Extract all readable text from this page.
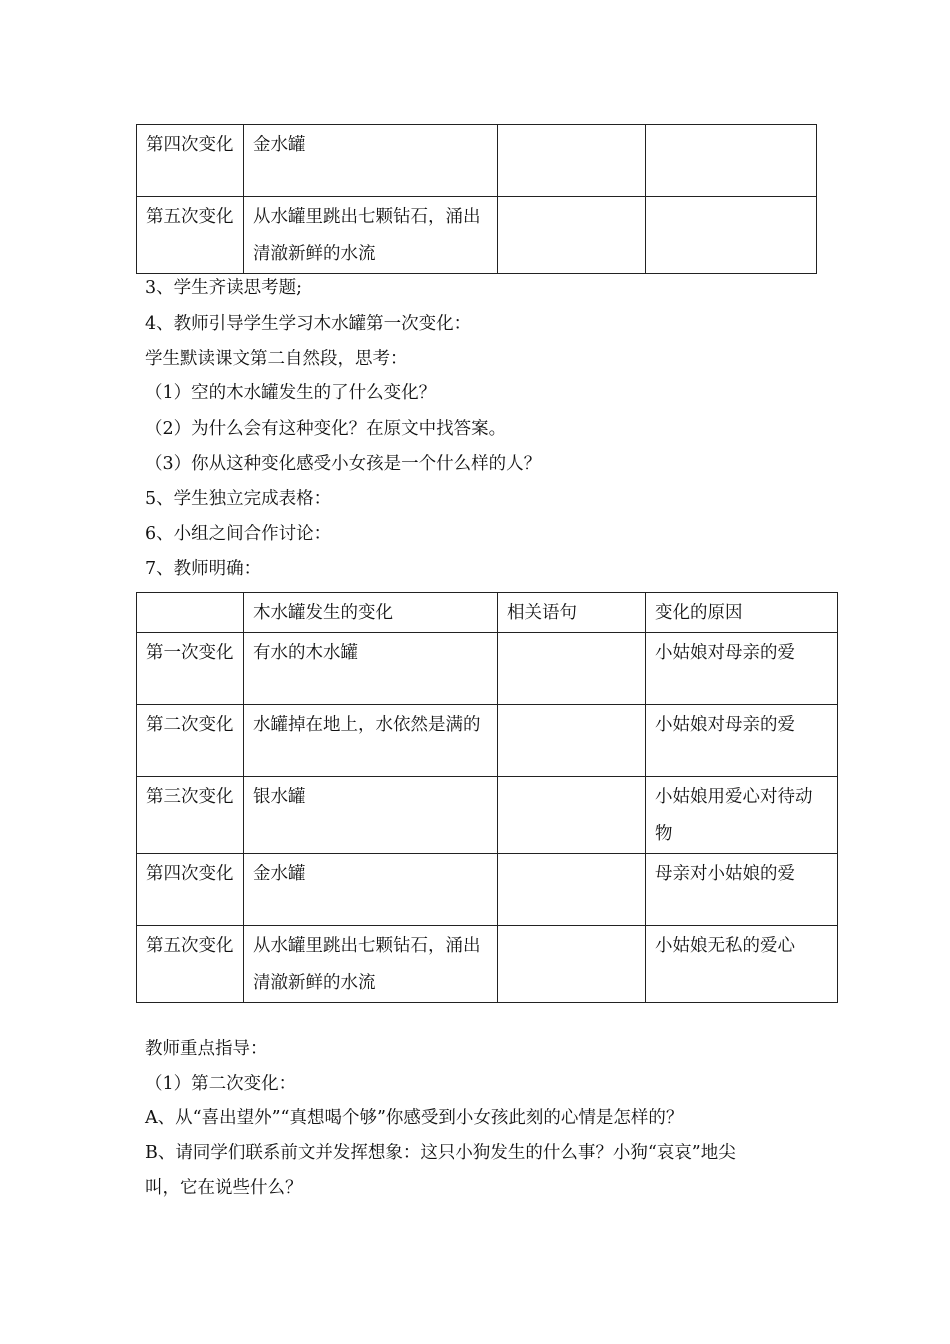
第四次变化	金水罐		
第五次变化	从水罐里跳出七颗钻石，涌出清澈新鲜的水流		
3、学生齐读思考题;
4、教师引导学生学习木水罐第一次变化：
学生默读课文第二自然段，思考：
（1）空的木水罐发生的了什么变化？
（2）为什么会有这种变化？在原文中找答案。
（3）你从这种变化感受小女孩是一个什么样的人？
5、学生独立完成表格：
6、小组之间合作讨论：
7、教师明确：
	木水罐发生的变化	相关语句	变化的原因
第一次变化	有水的木水罐		小姑娘对母亲的爱
第二次变化	水罐掉在地上，水依然是满的		小姑娘对母亲的爱
第三次变化	银水罐		小姑娘用爱心对待动物
第四次变化	金水罐		母亲对小姑娘的爱
第五次变化	从水罐里跳出七颗钻石，涌出清澈新鲜的水流		小姑娘无私的爱心
教师重点指导：
（1）第二次变化：
A、从“喜出望外”“真想喝个够”你感受到小女孩此刻的心情是怎样的？
B、请同学们联系前文并发挥想象：这只小狗发生的什么事？小狗“哀哀”地尖
叫，它在说些什么？
